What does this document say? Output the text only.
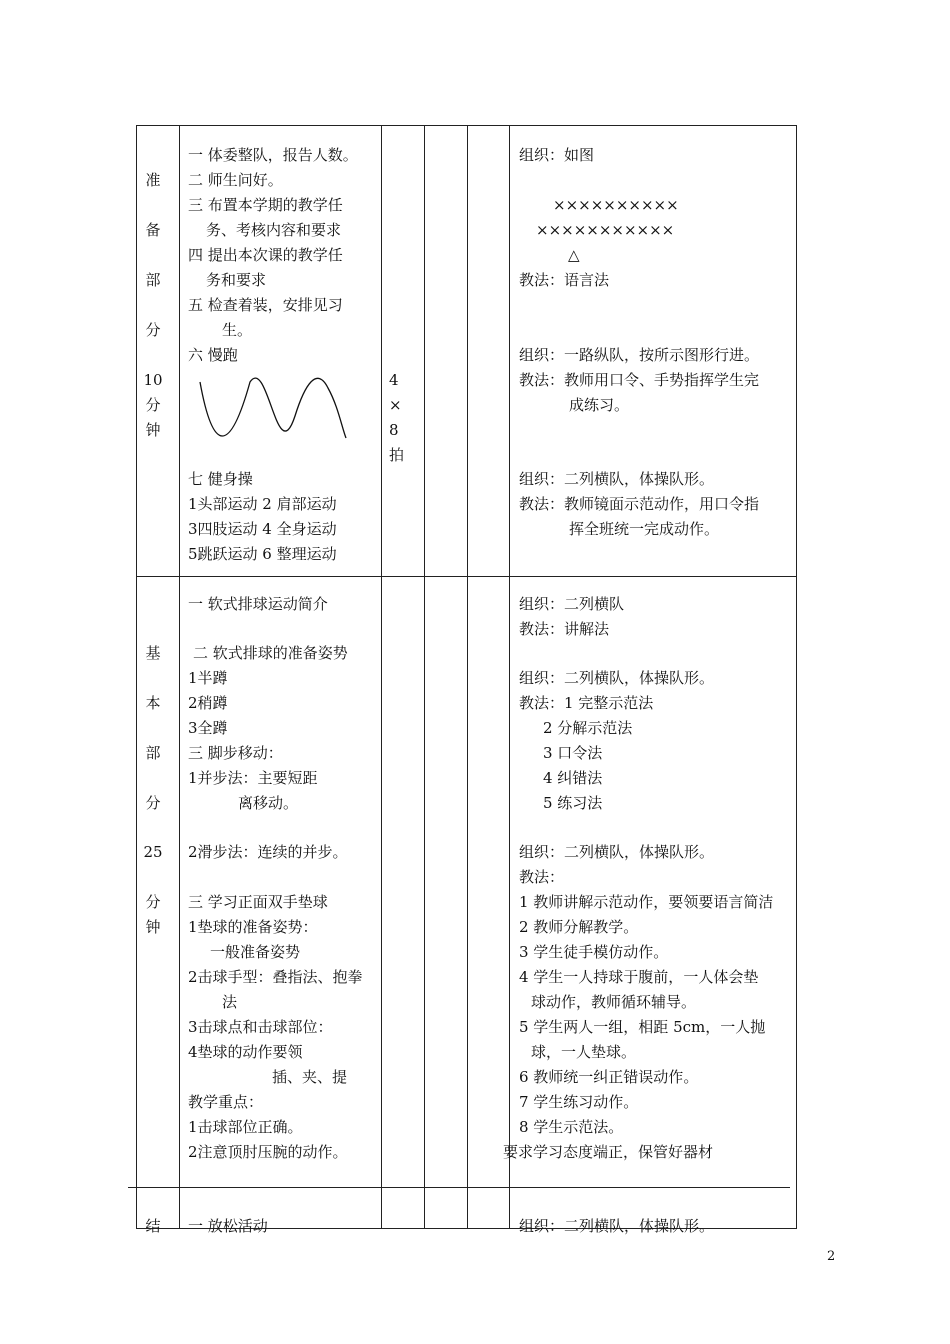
准
备
部
分
10
分
钟
一 体委整队，报告人数。
二 师生问好。
三 布置本学期的教学任
务、考核内容和要求
四 提出本次课的教学任
务和要求
五 检查着装，安排见习
生。
六 慢跑
七 健身操
1头部运动 2 肩部运动
3四肢运动 4 全身运动
5跳跃运动 6 整理运动
4
×
8
拍
组织：如图
××××××××××
×××××××××××
△
教法：语言法
组织：一路纵队，按所示图形行进。
教法：教师用口令、手势指挥学生完
成练习。
组织：二列横队，体操队形。
教法：教师镜面示范动作，用口令指
挥全班统一完成动作。
基
本
部
分
25
分
钟
一 软式排球运动简介
二 软式排球的准备姿势
1半蹲
2稍蹲
3全蹲
三 脚步移动：
1并步法：主要短距
离移动。
2滑步法：连续的并步。
三 学习正面双手垫球
1垫球的准备姿势：
一般准备姿势
2击球手型：叠指法、抱拳
法
3击球点和击球部位：
4垫球的动作要领
插、夹、提
教学重点：
1击球部位正确。
2注意顶肘压腕的动作。
组织：二列横队
教法：讲解法
组织：二列横队，体操队形。
教法：1 完整示范法
2 分解示范法
3 口令法
4 纠错法
5 练习法
组织：二列横队，体操队形。
教法：
1 教师讲解示范动作，要领要语言简洁
2 教师分解教学。
3 学生徒手模仿动作。
4 学生一人持球于腹前，一人体会垫
球动作，教师循环辅导。
5 学生两人一组，相距 5cm，一人抛
球，一人垫球。
6 教师统一纠正错误动作。
7 学生练习动作。
8 学生示范法。
要求学习态度端正，保管好器材
结	一 放松活动	组织：二列横队，体操队形。
2
